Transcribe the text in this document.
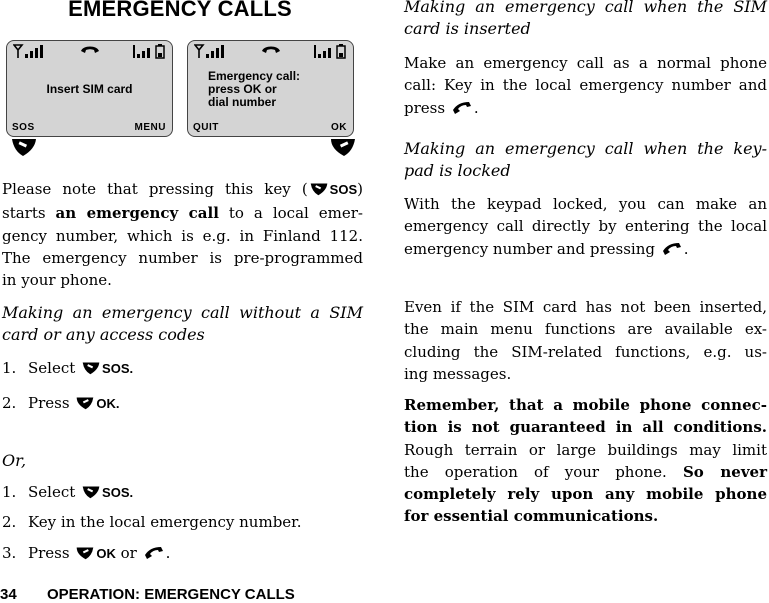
EMERGENCY CALLS
Insert SIM card
SOS	MENU
Emergency call:
press OK or
dial number
QUIT	OK
Please note that pressing this key ( SOS)
starts an emergency call to a local emer-
gency number, which is e.g. in Finland 112.
The emergency number is pre-programmed
in your phone.
Making an emergency call without a SIM
card or any access codes
1. Select SOS.
2. Press OK.
Or,
1. Select SOS.
2. Key in the local emergency number.
3. Press OK or .
Making an emergency call when the SIM
card is inserted
Make an emergency call as a normal phone
call: Key in the local emergency number and
press .
Making an emergency call when the key-
pad is locked
With the keypad locked, you can make an
emergency call directly by entering the local
emergency number and pressing .
Even if the SIM card has not been inserted,
the main menu functions are available ex-
cluding the SIM-related functions, e.g. us-
ing messages.
Remember, that a mobile phone connec-
tion is not guaranteed in all conditions.
Rough terrain or large buildings may limit
the operation of your phone. So never
completely rely upon any mobile phone
for essential communications.
34 OPERATION: EMERGENCY CALLS
